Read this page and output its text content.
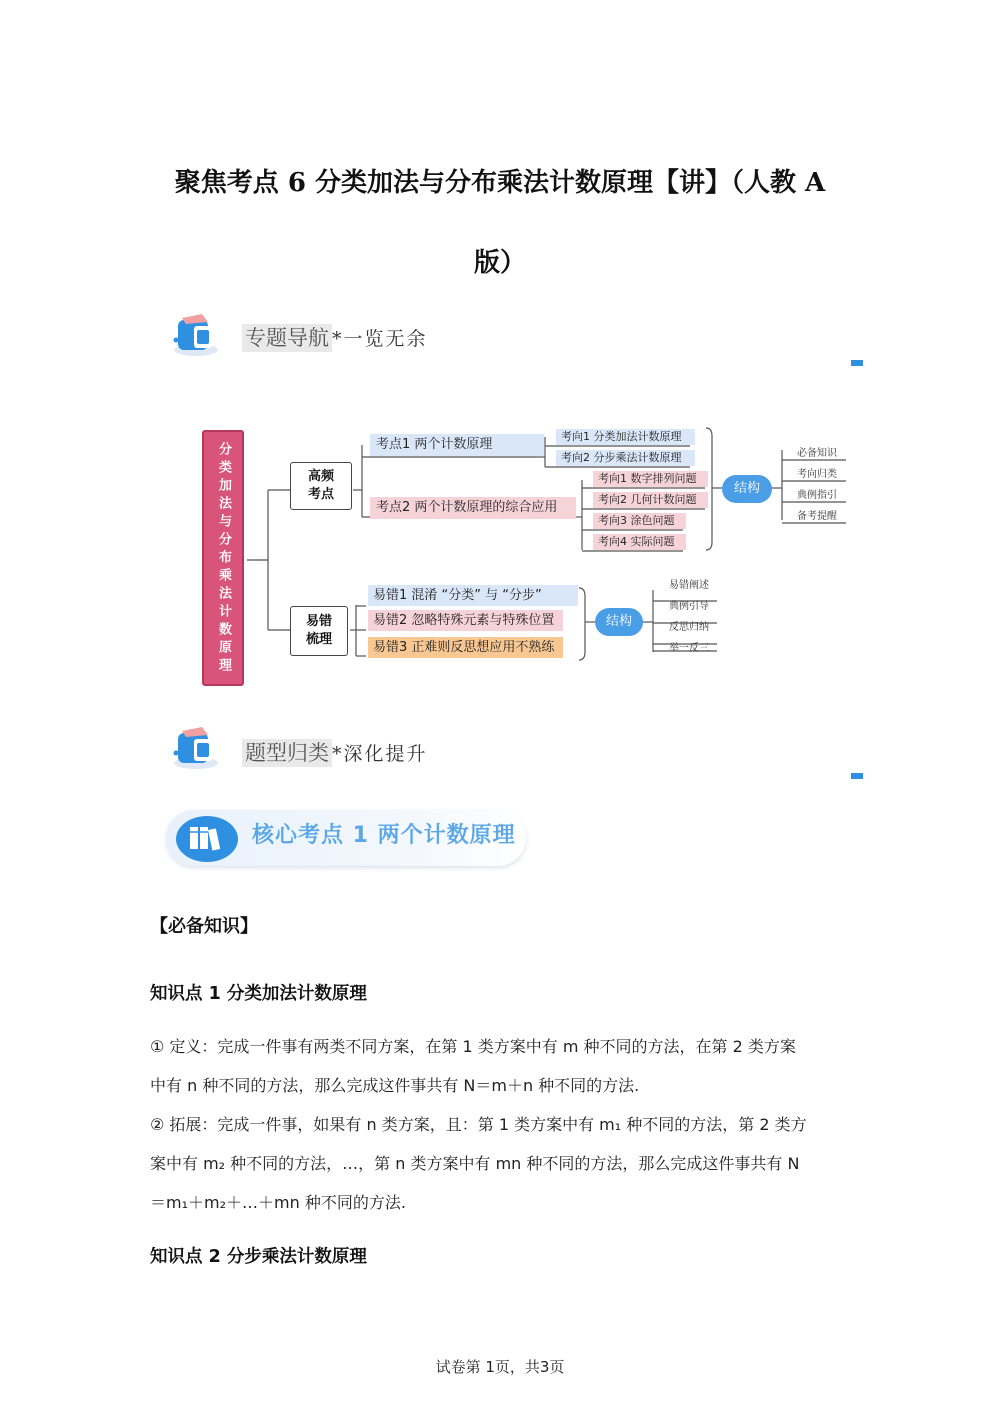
聚焦考点 6 分类加法与分布乘法计数原理【讲】（人教 A
版）
专题导航 *一览无余
分类加法与分布乘法计数原理	高频
考点
易错
梳理
考点1 两个计数原理
考点2 两个计数原理的综合应用
考向1 分类加法计数原理
考向2 分步乘法计数原理
考向1 数字排列问题
考向2 几何计数问题
考向3 涂色问题
考向4 实际问题
结构
必备知识
考向归类
典例指引
备考提醒
易错1 混淆 “分类” 与 “分步”
易错2 忽略特殊元素与特殊位置
易错3 正难则反思想应用不熟练
结构
易错阐述
典例引导
反思归纳
举一反三
题型归类 *深化提升
核心考点 1 两个计数原理
【必备知识】
知识点 1 分类加法计数原理
① 定义：完成一件事有两类不同方案，在第 1 类方案中有 m 种不同的方法，在第 2 类方案
中有 n 种不同的方法，那么完成这件事共有 N＝m＋n 种不同的方法.
② 拓展：完成一件事，如果有 n 类方案，且：第 1 类方案中有 m₁ 种不同的方法，第 2 类方
案中有 m₂ 种不同的方法，…，第 n 类方案中有 mn 种不同的方法，那么完成这件事共有 N
＝m₁＋m₂＋…＋mn 种不同的方法.
知识点 2 分步乘法计数原理
试卷第 1页，共3页
